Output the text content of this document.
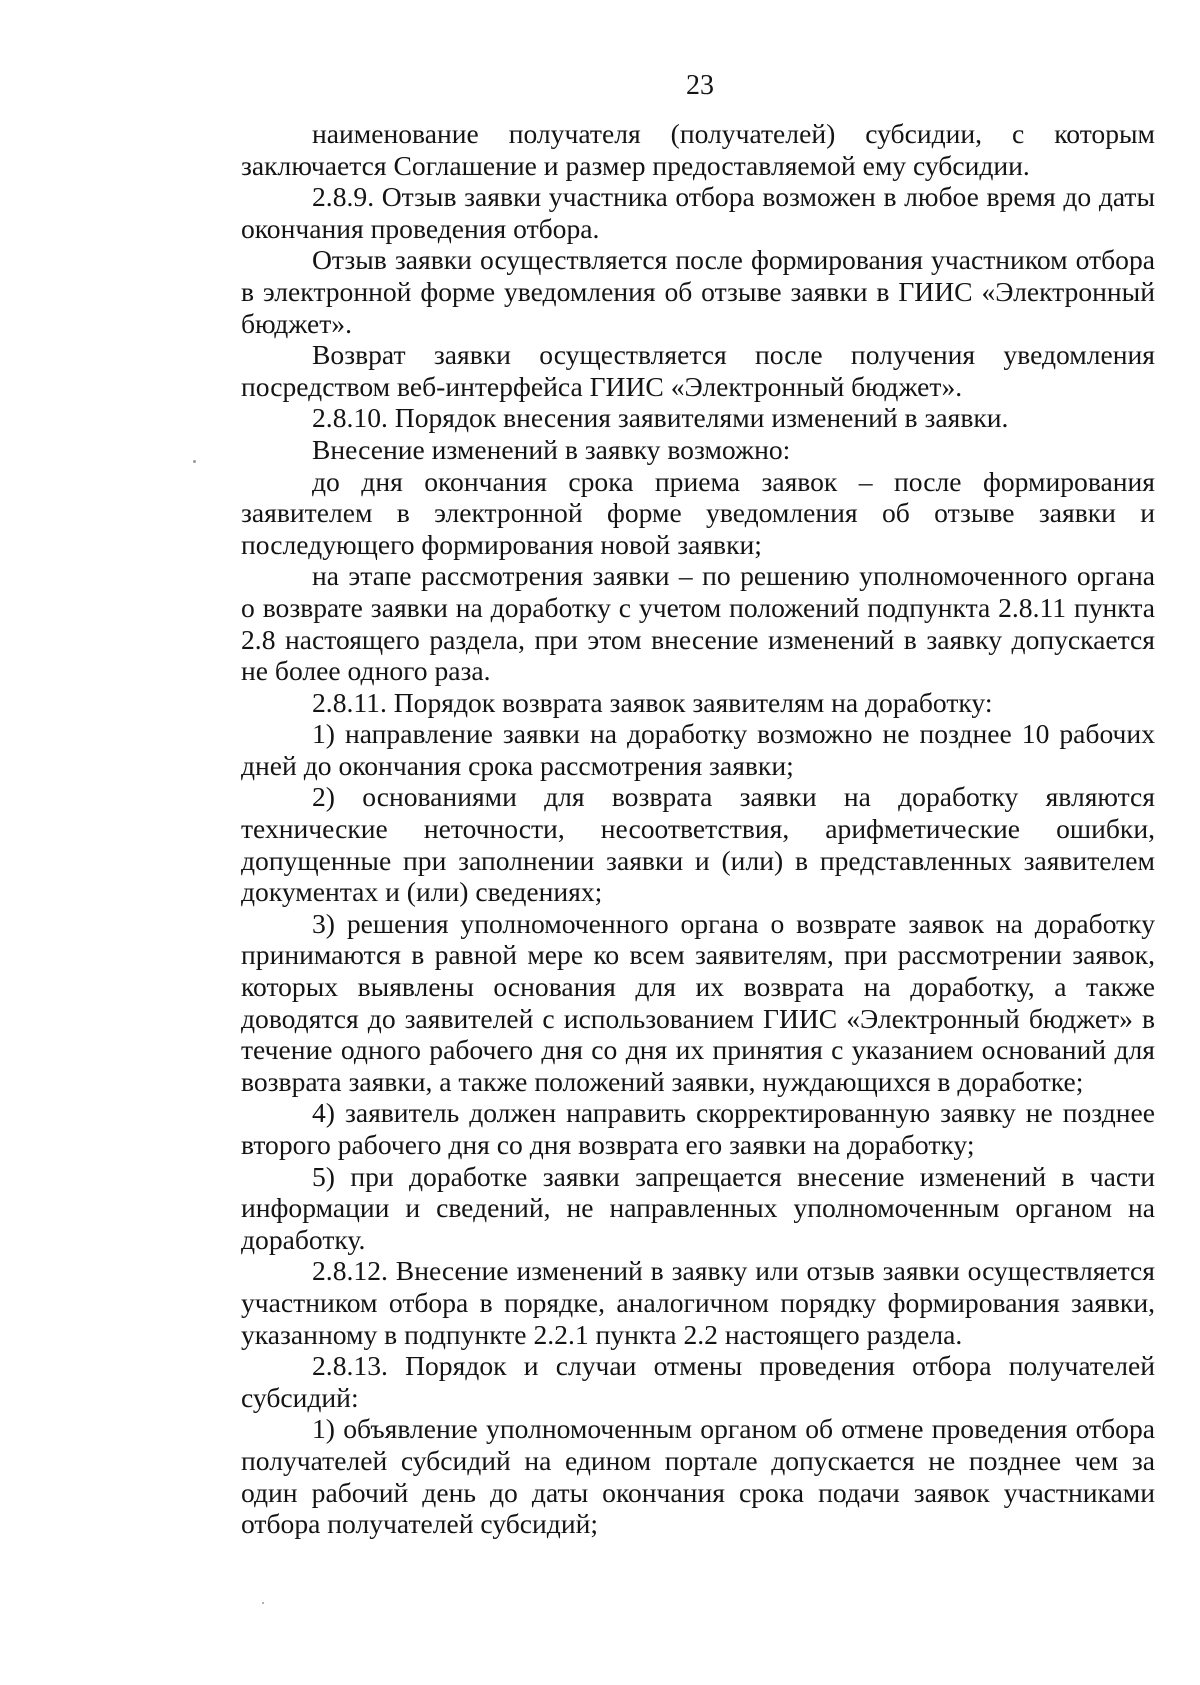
23

наименование получателя (получателей) субсидии, с которым заключается Соглашение и размер предоставляемой ему субсидии.

2.8.9. Отзыв заявки участника отбора возможен в любое время до даты окончания проведения отбора.

Отзыв заявки осуществляется после формирования участником отбора в электронной форме уведомления об отзыве заявки в ГИИС «Электронный бюджет».

Возврат заявки осуществляется после получения уведомления посредством веб-интерфейса ГИИС «Электронный бюджет».

2.8.10. Порядок внесения заявителями изменений в заявки.

Внесение изменений в заявку возможно:

до дня окончания срока приема заявок – после формирования заявителем в электронной форме уведомления об отзыве заявки и последующего формирования новой заявки;

на этапе рассмотрения заявки – по решению уполномоченного органа о возврате заявки на доработку с учетом положений подпункта 2.8.11 пункта 2.8 настоящего раздела, при этом внесение изменений в заявку допускается не более одного раза.

2.8.11. Порядок возврата заявок заявителям на доработку:

1) направление заявки на доработку возможно не позднее 10 рабочих дней до окончания срока рассмотрения заявки;

2) основаниями для возврата заявки на доработку являются технические неточности, несоответствия, арифметические ошибки, допущенные при заполнении заявки и (или) в представленных заявителем документах и (или) сведениях;

3) решения уполномоченного органа о возврате заявок на доработку принимаются в равной мере ко всем заявителям, при рассмотрении заявок, которых выявлены основания для их возврата на доработку, а также доводятся до заявителей с использованием ГИИС «Электронный бюджет» в течение одного рабочего дня со дня их принятия с указанием оснований для возврата заявки, а также положений заявки, нуждающихся в доработке;

4) заявитель должен направить скорректированную заявку не позднее второго рабочего дня со дня возврата его заявки на доработку;

5) при доработке заявки запрещается внесение изменений в части информации и сведений, не направленных уполномоченным органом на доработку.

2.8.12. Внесение изменений в заявку или отзыв заявки осуществляется участником отбора в порядке, аналогичном порядку формирования заявки, указанному в подпункте 2.2.1 пункта 2.2 настоящего раздела.

2.8.13. Порядок и случаи отмены проведения отбора получателей субсидий:

1) объявление уполномоченным органом об отмене проведения отбора получателей субсидий на едином портале допускается не позднее чем за один рабочий день до даты окончания срока подачи заявок участниками отбора получателей субсидий;
